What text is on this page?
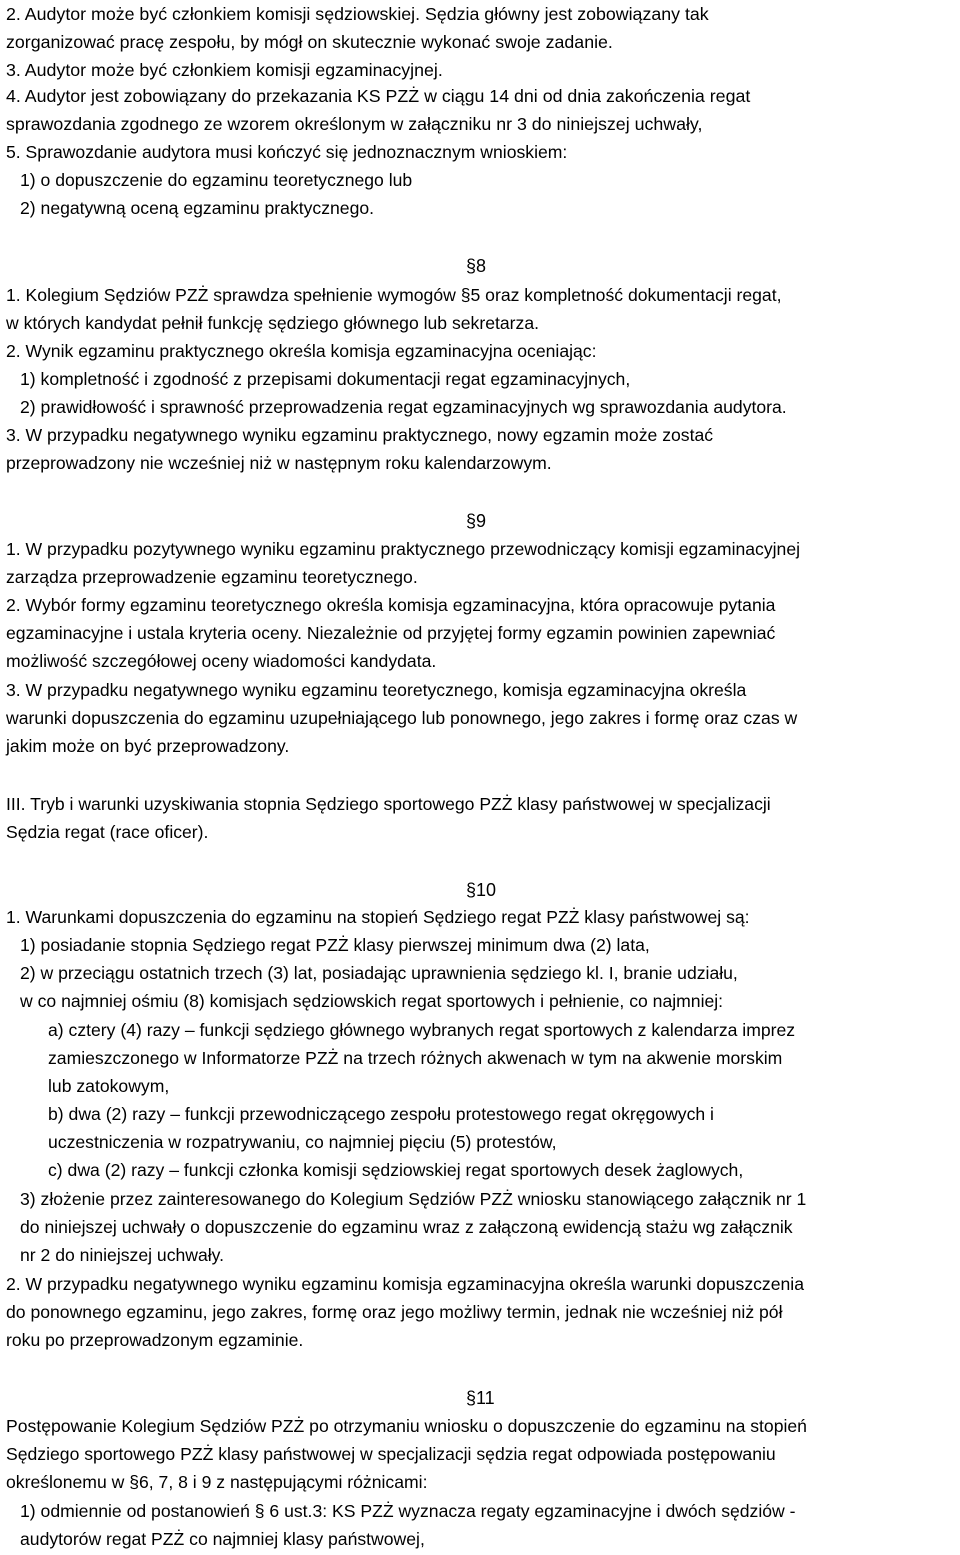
2. Audytor może być członkiem komisji sędziowskiej. Sędzia główny jest zobowiązany tak
zorganizować pracę zespołu, by mógł on skutecznie wykonać swoje zadanie.
3. Audytor może być członkiem komisji egzaminacyjnej.
4. Audytor jest zobowiązany do przekazania KS PZŻ w ciągu 14 dni od dnia zakończenia regat
sprawozdania zgodnego ze wzorem określonym w załączniku nr 3 do niniejszej uchwały,
5. Sprawozdanie audytora musi kończyć się jednoznacznym wnioskiem:
1) o dopuszczenie do egzaminu teoretycznego lub
2) negatywną oceną egzaminu praktycznego.
§8
1. Kolegium Sędziów PZŻ sprawdza spełnienie wymogów §5 oraz kompletność dokumentacji regat,
w których kandydat pełnił funkcję sędziego głównego lub sekretarza.
2. Wynik egzaminu praktycznego określa komisja egzaminacyjna oceniając:
1) kompletność i zgodność z przepisami dokumentacji regat egzaminacyjnych,
2) prawidłowość i sprawność przeprowadzenia regat egzaminacyjnych wg sprawozdania audytora.
3. W przypadku negatywnego wyniku egzaminu praktycznego, nowy egzamin może zostać
przeprowadzony nie wcześniej niż w następnym roku kalendarzowym.
§9
1. W przypadku pozytywnego wyniku egzaminu praktycznego przewodniczący komisji egzaminacyjnej
zarządza przeprowadzenie egzaminu teoretycznego.
2. Wybór formy egzaminu teoretycznego określa komisja egzaminacyjna, która opracowuje pytania
egzaminacyjne i ustala kryteria oceny. Niezależnie od przyjętej formy egzamin powinien zapewniać
możliwość szczegółowej oceny wiadomości kandydata.
3. W przypadku negatywnego wyniku egzaminu teoretycznego, komisja egzaminacyjna określa
warunki dopuszczenia do egzaminu uzupełniającego lub ponownego, jego zakres i formę oraz czas w
jakim może on być przeprowadzony.
III. Tryb i warunki uzyskiwania stopnia Sędziego sportowego PZŻ klasy państwowej w specjalizacji
Sędzia regat (race oficer).
§10
1. Warunkami dopuszczenia do egzaminu na stopień Sędziego regat PZŻ klasy państwowej są:
1) posiadanie stopnia Sędziego regat PZŻ klasy pierwszej minimum dwa (2) lata,
2) w przeciągu ostatnich trzech (3) lat, posiadając uprawnienia sędziego kl. I, branie udziału,
w co najmniej ośmiu (8) komisjach sędziowskich regat sportowych i pełnienie, co najmniej:
a) cztery (4) razy – funkcji sędziego głównego wybranych regat sportowych z kalendarza imprez
zamieszczonego w Informatorze PZŻ na trzech różnych akwenach w tym na akwenie morskim
lub zatokowym,
b) dwa (2) razy – funkcji przewodniczącego zespołu protestowego regat okręgowych i
uczestniczenia w rozpatrywaniu, co najmniej pięciu (5) protestów,
c) dwa (2) razy – funkcji członka komisji sędziowskiej regat sportowych desek żaglowych,
3) złożenie przez zainteresowanego do Kolegium Sędziów PZŻ wniosku stanowiącego załącznik nr 1
do niniejszej uchwały o dopuszczenie do egzaminu wraz z załączoną ewidencją stażu wg załącznik
nr 2 do niniejszej uchwały.
2. W przypadku negatywnego wyniku egzaminu komisja egzaminacyjna określa warunki dopuszczenia
do ponownego egzaminu, jego zakres, formę oraz jego możliwy termin, jednak nie wcześniej niż pół
roku po przeprowadzonym egzaminie.
§11
Postępowanie Kolegium Sędziów PZŻ po otrzymaniu wniosku o dopuszczenie do egzaminu na stopień
Sędziego sportowego PZŻ klasy państwowej w specjalizacji sędzia regat odpowiada postępowaniu
określonemu w §6, 7, 8 i 9 z następującymi różnicami:
1) odmiennie od postanowień § 6 ust.3: KS PZŻ wyznacza regaty egzaminacyjne i dwóch sędziów -
audytorów regat PZŻ co najmniej klasy państwowej,
